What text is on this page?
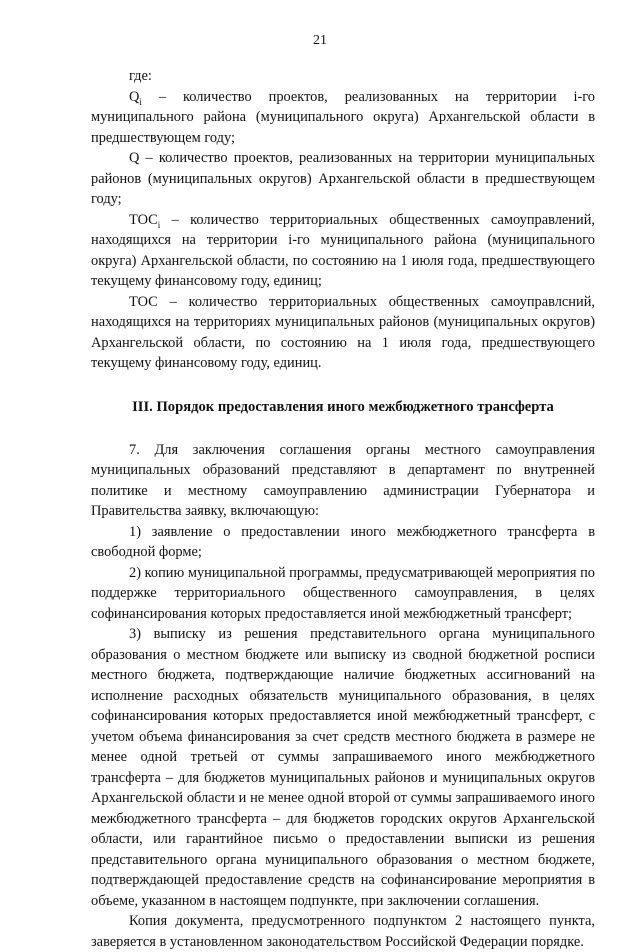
21

где:

$Q_i$ – количество проектов, реализованных на территории i-го муниципального района (муниципального округа) Архангельской области в предшествующем году;

Q – количество проектов, реализованных на территории муниципальных районов (муниципальных округов) Архангельской области в предшествующем году;

$ТОС_i$ – количество территориальных общественных самоуправлений, находящихся на территории i-го муниципального района (муниципального округа) Архангельской области, по состоянию на 1 июля года, предшествующего текущему финансовому году, единиц;

ТОС – количество территориальных общественных самоуправлсний, находящихся на территориях муниципальных районов (муниципальных округов) Архангельской области, по состоянию на 1 июля года, предшествующего текущему финансовому году, единиц.

III. Порядок предоставления иного межбюджетного трансферта

7. Для заключения соглашения органы местного самоуправления муниципальных образований представляют в департамент по внутренней политике и местному самоуправлению администрации Губернатора и Правительства заявку, включающую:

1) заявление о предоставлении иного межбюджетного трансферта в свободной форме;

2) копию муниципальной программы, предусматривающей мероприятия по поддержке территориального общественного самоуправления, в целях софинансирования которых предоставляется иной межбюджетный трансферт;

3) выписку из решения представительного органа муниципального образования о местном бюджете или выписку из сводной бюджетной росписи местного бюджета, подтверждающие наличие бюджетных ассигнований на исполнение расходных обязательств муниципального образования, в целях софинансирования которых предоставляется иной межбюджетный трансферт, с учетом объема финансирования за счет средств местного бюджета в размере не менее одной третьей от суммы запрашиваемого иного межбюджетного трансферта – для бюджетов муниципальных районов и муниципальных округов Архангельской области и не менее одной второй от суммы запрашиваемого иного межбюджетного трансферта – для бюджетов городских округов Архангельской области, или гарантийное письмо о предоставлении выписки из решения представительного органа муниципального образования о местном бюджете, подтверждающей предоставление средств на софинансирование мероприятия в объеме, указанном в настоящем подпункте, при заключении соглашения.

Копия документа, предусмотренного подпунктом 2 настоящего пункта, заверяется в установленном законодательством Российской Федерации порядке.
